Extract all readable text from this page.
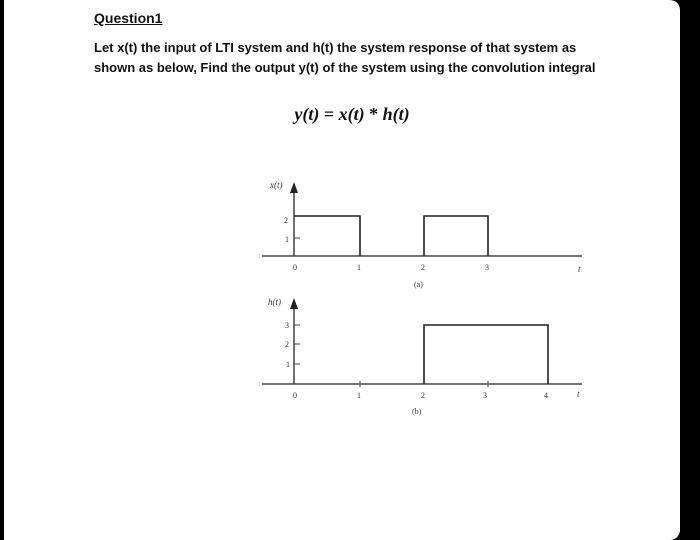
Question1

Let x(t) the input of LTI system and h(t) the system response of that system as shown as below, Find the output y(t) of the system using the convolution integral

y(t) = x(t) * h(t)
x(t)
t
2
1
0	1	2	3
(a)
h(t)
t
3
2
1
0	1	2	3	4
(b)
